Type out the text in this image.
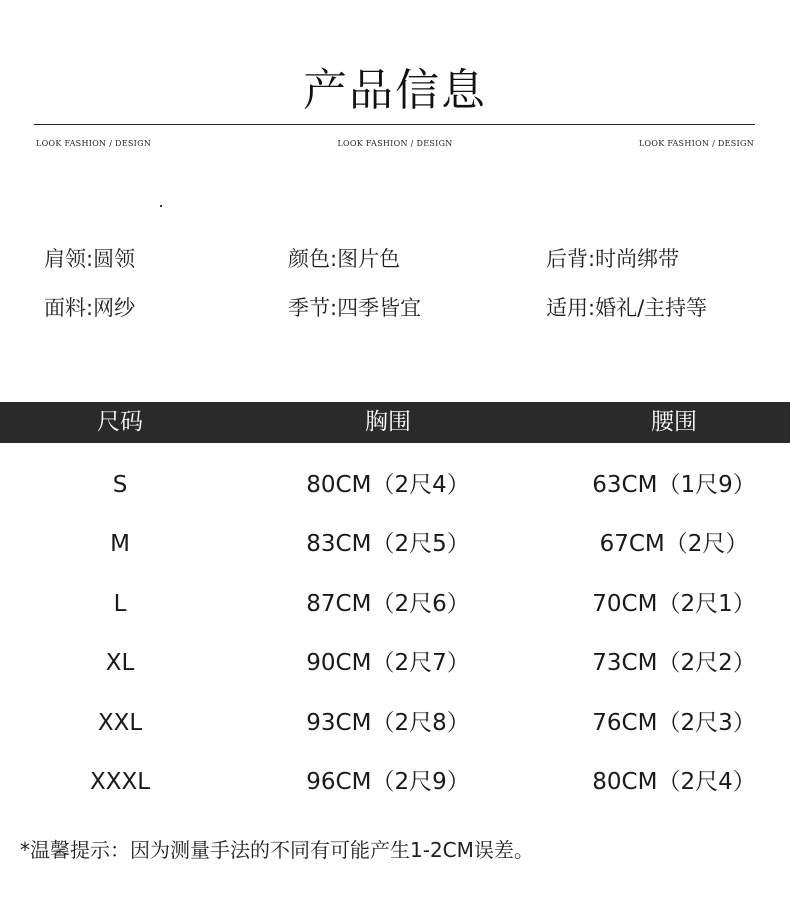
产品信息
LOOK FASHION / DESIGN	LOOK FASHION / DESIGN	LOOK FASHION / DESIGN
肩领:圆领	颜色:图片色	后背:时尚绑带
面料:网纱	季节:四季皆宜	适用:婚礼/主持等
尺码	胸围	腰围
S	80CM（2尺4）	63CM（1尺9）
M	83CM（2尺5）	67CM（2尺）
L	87CM（2尺6）	70CM（2尺1）
XL	90CM（2尺7）	73CM（2尺2）
XXL	93CM（2尺8）	76CM（2尺3）
XXXL	96CM（2尺9）	80CM（2尺4）
*温馨提示：因为测量手法的不同有可能产生1-2CM误差。
